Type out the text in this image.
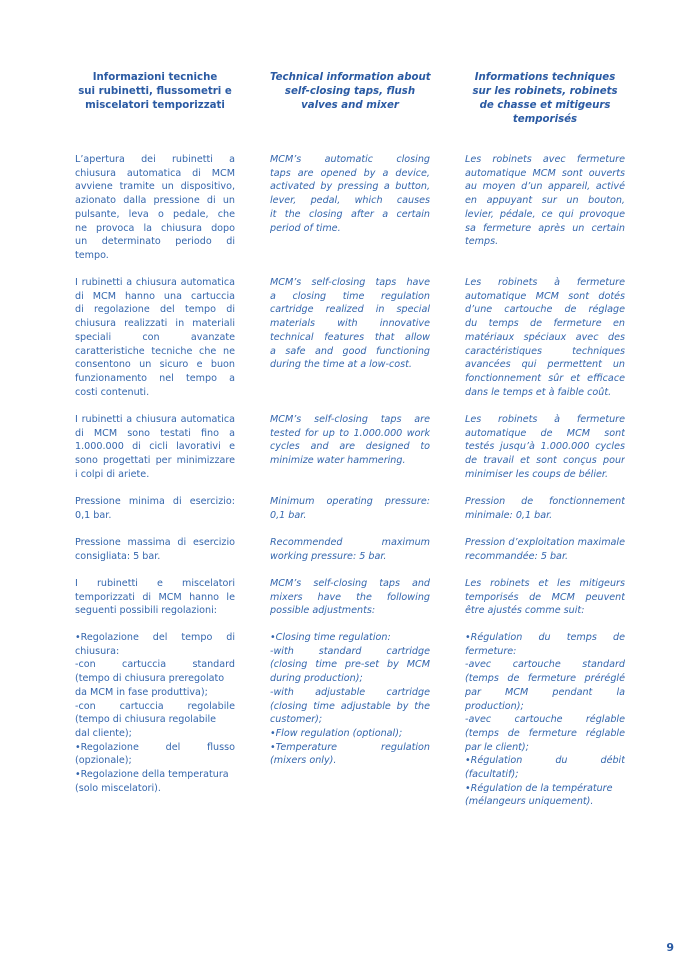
Informazioni tecniche
sui rubinetti, flussometri e
miscelatori temporizzati
L’apertura dei rubinetti a
chiusura automatica di MCM
avviene tramite un dispositivo,
azionato dalla pressione di un
pulsante, leva o pedale, che
ne provoca la chiusura dopo
un determinato periodo di
tempo.
I rubinetti a chiusura automatica
di MCM hanno una cartuccia
di regolazione del tempo di
chiusura realizzati in materiali
speciali con avanzate
caratteristiche tecniche che ne
consentono un sicuro e buon
funzionamento nel tempo a
costi contenuti.
I rubinetti a chiusura automatica
di MCM sono testati fino a
1.000.000 di cicli lavorativi e
sono progettati per minimizzare
i colpi di ariete.
Pressione minima di esercizio:
0,1 bar.
Pressione massima di esercizio
consigliata: 5 bar.
I rubinetti e miscelatori
temporizzati di MCM hanno le
seguenti possibili regolazioni:
•Regolazione del tempo di
chiusura:
-con cartuccia standard
(tempo di chiusura preregolato
da MCM in fase produttiva);
-con cartuccia regolabile
(tempo di chiusura regolabile
dal cliente);
•Regolazione del flusso
(opzionale);
•Regolazione della temperatura
(solo miscelatori).
Technical information about
self-closing taps, flush
valves and mixer
MCM’s automatic closing
taps are opened by a device,
activated by pressing a button,
lever, pedal, which causes
it the closing after a certain
period of time.
MCM’s self-closing taps have
a closing time regulation
cartridge realized in special
materials with innovative
technical features that allow
a safe and good functioning
during the time at a low-cost.
MCM’s self-closing taps are
tested for up to 1.000.000 work
cycles and are designed to
minimize water hammering.
Minimum operating pressure:
0,1 bar.
Recommended maximum
working pressure: 5 bar.
MCM’s self-closing taps and
mixers have the following
possible adjustments:
•Closing time regulation:
-with standard cartridge
(closing time pre-set by MCM
during production);
-with adjustable cartridge
(closing time adjustable by the
customer);
•Flow regulation (optional);
•Temperature regulation
(mixers only).
Informations techniques
sur les robinets, robinets
de chasse et mitigeurs
temporisés
Les robinets avec fermeture
automatique MCM sont ouverts
au moyen d’un appareil, activé
en appuyant sur un bouton,
levier, pédale, ce qui provoque
sa fermeture après un certain
temps.
Les robinets à fermeture
automatique MCM sont dotés
d’une cartouche de réglage
du temps de fermeture en
matériaux spéciaux avec des
caractéristiques techniques
avancées qui permettent un
fonctionnement sûr et efficace
dans le temps et à faible coût.
Les robinets à fermeture
automatique de MCM sont
testés jusqu’à 1.000.000 cycles
de travail et sont conçus pour
minimiser les coups de bélier.
Pression de fonctionnement
minimale: 0,1 bar.
Pression d’exploitation maximale
recommandée: 5 bar.
Les robinets et les mitigeurs
temporisés de MCM peuvent
être ajustés comme suit:
•Régulation du temps de
fermeture:
-avec cartouche standard
(temps de fermeture préréglé
par MCM pendant la
production);
-avec cartouche réglable
(temps de fermeture réglable
par le client);
•Régulation du débit
(facultatif);
•Régulation de la température
(mélangeurs uniquement).
9
